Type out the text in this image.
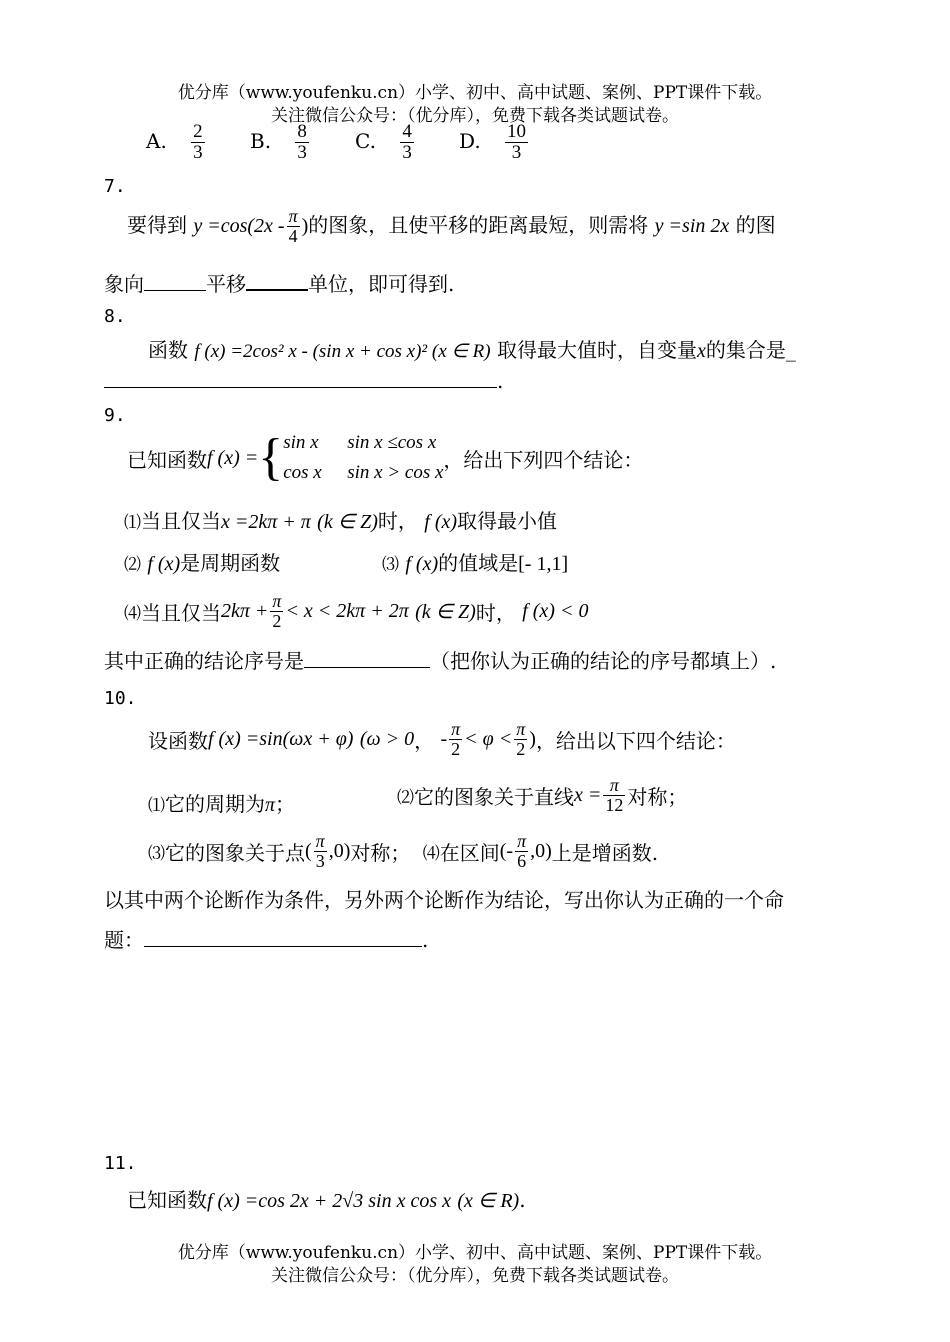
优分库（www.youfenku.cn）小学、初中、高中试题、案例、PPT课件下载。
关注微信公众号：（优分库），免费下载各类试题试卷。
A. $\frac{2}{3} B$. $\frac{8}{3} C$. $\frac{4}{3} D$. $\frac{10}{3}$
7.
要得到 $y =\cos(2x - \frac{\pi}{4}$ )的图象，且使平移的距离最短，则需将 y =sin 2x 的图
象向	平移	单位，即可得到.
8.
函数 f (x) =2cos² x - (sin x + cos x)² (x ∈ R) 取得最大值时，自变量x的集合是_
.
9.
已知函数f (x) ={ sin x sin x ≤cos x
cos x sin x > cos x
，给出下列四个结论：
⑴当且仅当x =2kπ + π (k ∈ Z)时， f (x)取得最小值
⑵ f (x)是周期函数	⑶ f (x)的值域是[- 1,1]
⑷当且仅当$2k\pi + \frac{\pi}{2} < x < 2k\pi + 2\pi$ (k ∈ Z)时， f (x) < 0
其中正确的结论序号是	（把你认为正确的结论的序号都填上）.
10.
设函数f (x) =sin(ωx + φ) (ω > 0， - $\frac{\pi}{2} < \varphi < \frac{\pi}{2}$ )，给出以下四个结论：
⑴它的周期为π；	⑵它的图象关于直线$x = \frac{\pi}{12}$ 对称；
⑶它的图象关于点( $\frac{\pi}{3} ,0$)对称； ⑷在区间(- $\frac{\pi}{6} ,0$)上是增函数.
以其中两个论断作为条件，另外两个论断作为结论，写出你认为正确的一个命
题：	.
11.
已知函数f (x) =cos 2x + 2√3 sin x cos x (x ∈ R).
优分库（www.youfenku.cn）小学、初中、高中试题、案例、PPT课件下载。
关注微信公众号：（优分库），免费下载各类试题试卷。
